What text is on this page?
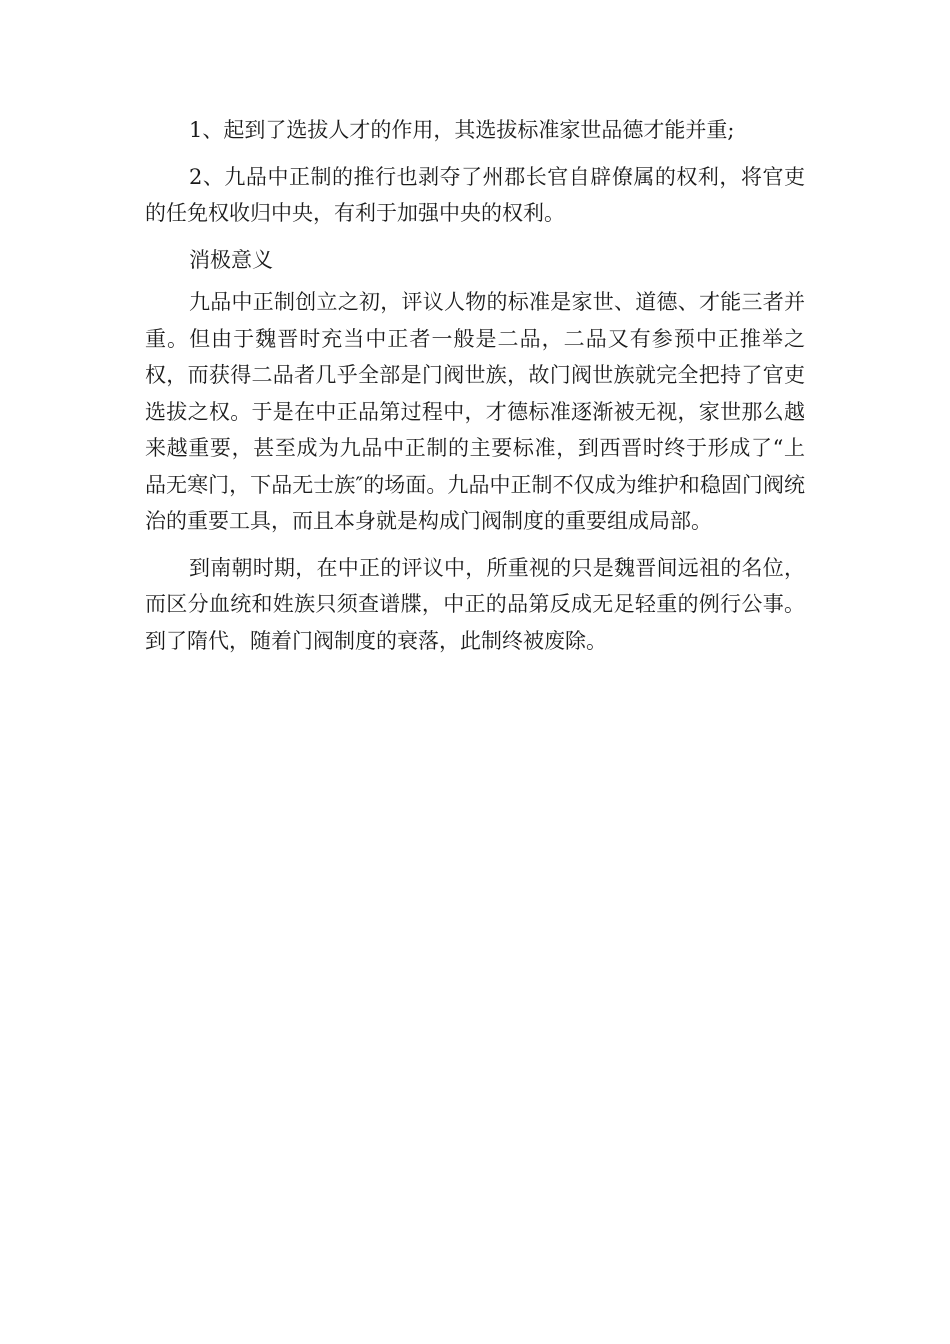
1、起到了选拔人才的作用，其选拔标准家世品德才能并重;

2、九品中正制的推行也剥夺了州郡长官自辟僚属的权利，将官吏的任免权收归中央，有利于加强中央的权利。

消极意义

九品中正制创立之初，评议人物的标准是家世、道德、才能三者并重。但由于魏晋时充当中正者一般是二品，二品又有参预中正推举之权，而获得二品者几乎全部是门阀世族，故门阀世族就完全把持了官吏选拔之权。于是在中正品第过程中，才德标准逐渐被无视，家世那么越来越重要，甚至成为九品中正制的主要标准，到西晋时终于形成了“上品无寒门，下品无士族″的场面。九品中正制不仅成为维护和稳固门阀统治的重要工具，而且本身就是构成门阀制度的重要组成局部。

到南朝时期，在中正的评议中，所重视的只是魏晋间远祖的名位，而区分血统和姓族只须查谱牒，中正的品第反成无足轻重的例行公事。到了隋代，随着门阀制度的衰落，此制终被废除。
